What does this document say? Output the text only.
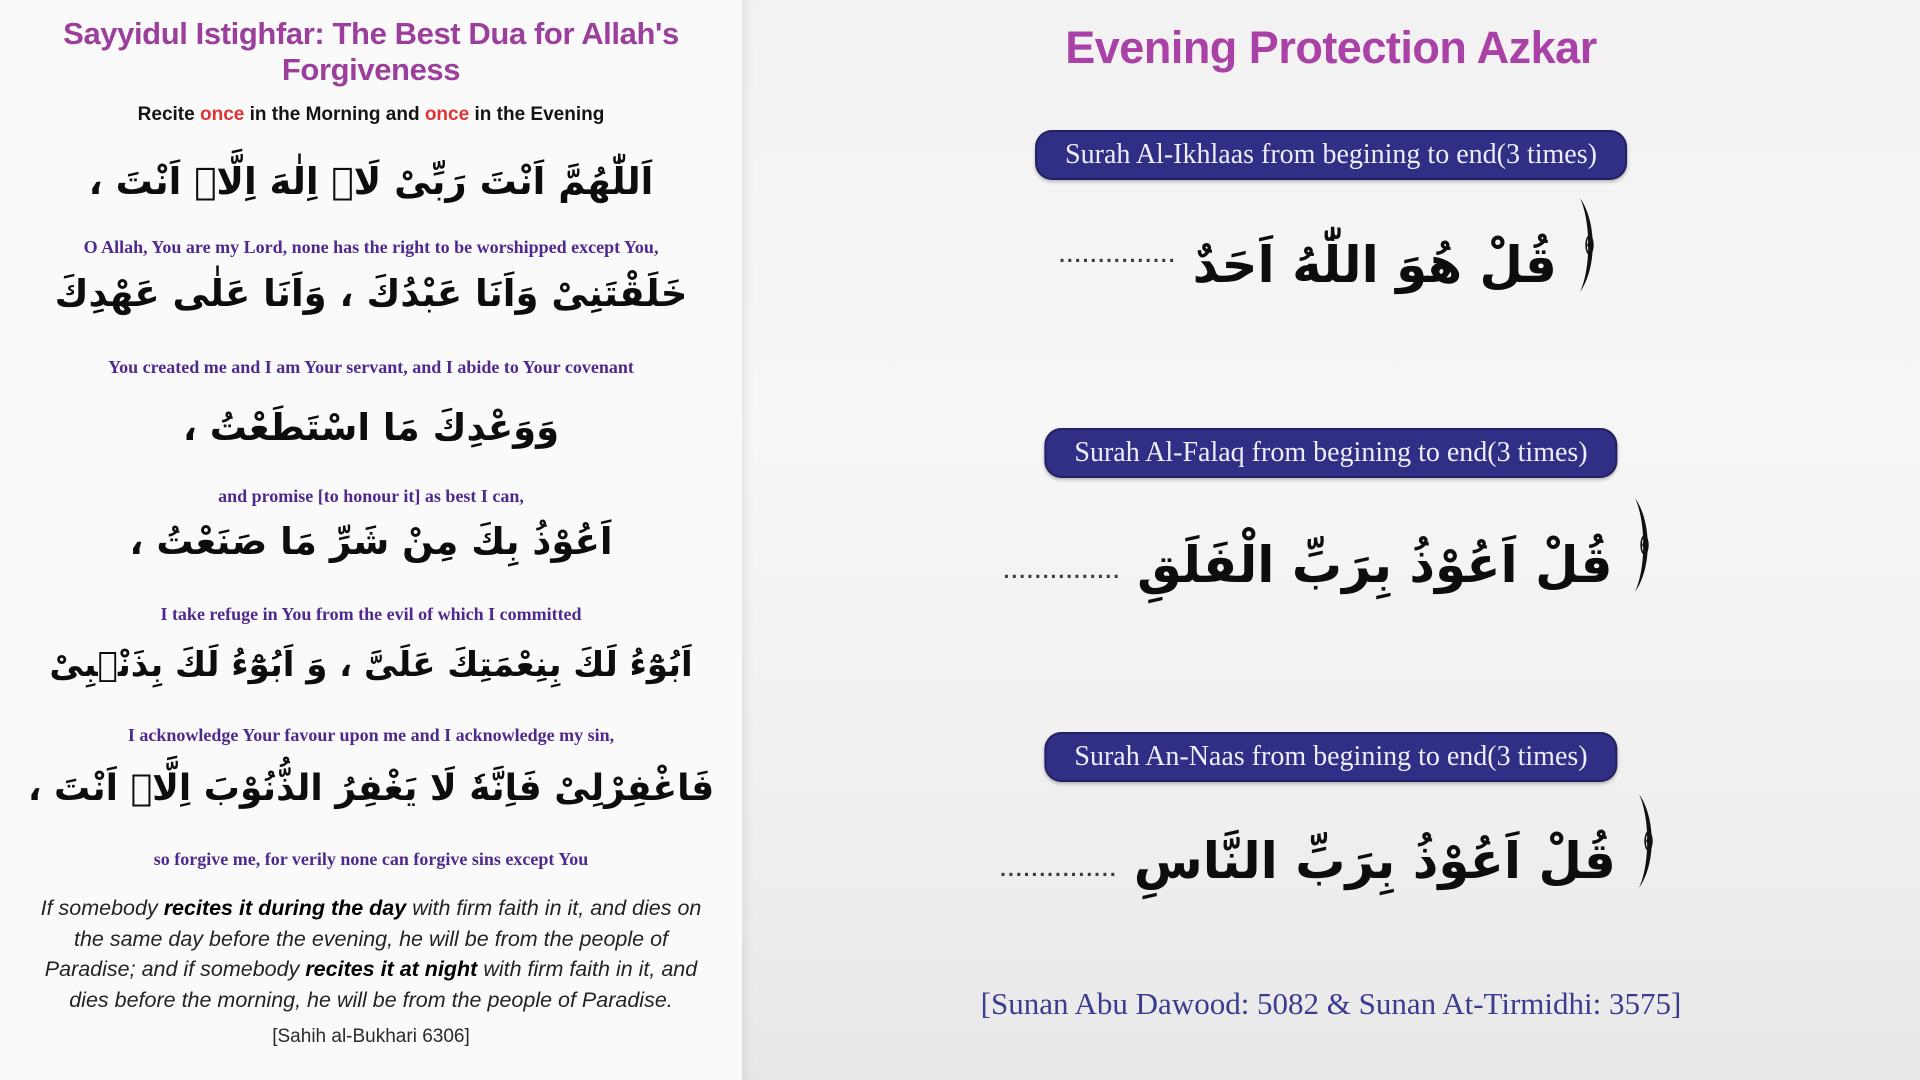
Sayyidul Istighfar: The Best Dua for Allah's Forgiveness
Recite once in the Morning and once in the Evening
اَللّٰهُمَّ اَنْتَ رَبِّىْ لَاۤ اِلٰهَ اِلَّاۤ اَنْتَ ،
O Allah, You are my Lord, none has the right to be worshipped except You,
خَلَقْتَنِىْ وَاَنَا عَبْدُكَ ، وَاَنَا عَلٰى عَهْدِكَ
You created me and I am Your servant, and I abide to Your covenant
وَوَعْدِكَ مَا اسْتَطَعْتُ ،
and promise [to honour it] as best I can,
اَعُوْذُ بِكَ مِنْ شَرِّ مَا صَنَعْتُ ،
I take refuge in You from the evil of which I committed
اَبُوْٓءُ لَكَ بِنِعْمَتِكَ عَلَىَّ ، وَ اَبُوْٓءُ لَكَ بِذَنْۢبِىْ
I acknowledge Your favour upon me and I acknowledge my sin,
فَاغْفِرْلِىْ فَاِنَّهٗ لَا يَغْفِرُ الذُّنُوْبَ اِلَّاۤ اَنْتَ ،
so forgive me, for verily none can forgive sins except You
If somebody recites it during the day with firm faith in it, and dies on the same day before the evening, he will be from the people of Paradise; and if somebody recites it at night with firm faith in it, and dies before the morning, he will be from the people of Paradise.
[Sahih al-Bukhari 6306]
Evening Protection Azkar
Surah Al-Ikhlaas from begining to end(3 times)
............... قُلْ هُوَ اللّٰهُ اَحَدٌ
Surah Al-Falaq from begining to end(3 times)
............... قُلْ اَعُوْذُ بِرَبِّ الْفَلَقِ
Surah An-Naas from begining to end(3 times)
............... قُلْ اَعُوْذُ بِرَبِّ النَّاسِ
[Sunan Abu Dawood: 5082 & Sunan At-Tirmidhi: 3575]
